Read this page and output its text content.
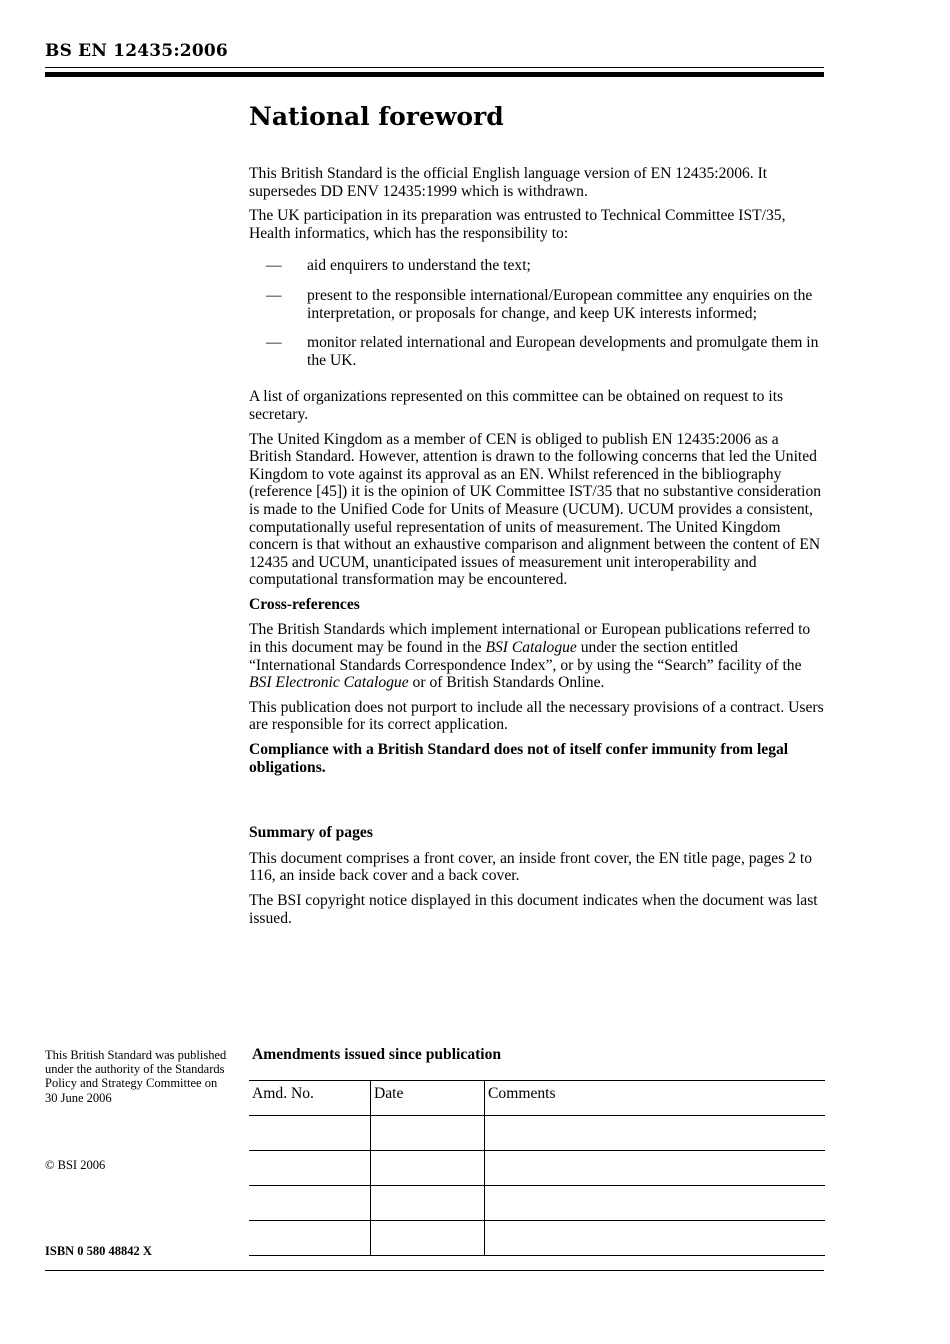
BS EN 12435:2006
National foreword

This British Standard is the official English language version of EN 12435:2006. It supersedes DD ENV 12435:1999 which is withdrawn.

The UK participation in its preparation was entrusted to Technical Committee IST/35, Health informatics, which has the responsibility to:

— aid enquirers to understand the text;
— present to the responsible international/European committee any enquiries on the interpretation, or proposals for change, and keep UK interests informed;
— monitor related international and European developments and promulgate them in the UK.

A list of organizations represented on this committee can be obtained on request to its secretary.

The United Kingdom as a member of CEN is obliged to publish EN 12435:2006 as a British Standard. However, attention is drawn to the following concerns that led the United Kingdom to vote against its approval as an EN. Whilst referenced in the bibliography (reference [45]) it is the opinion of UK Committee IST/35 that no substantive consideration is made to the Unified Code for Units of Measure (UCUM). UCUM provides a consistent, computationally useful representation of units of measurement. The United Kingdom concern is that without an exhaustive comparison and alignment between the content of EN 12435 and UCUM, unanticipated issues of measurement unit interoperability and computational transformation may be encountered.

Cross-references

The British Standards which implement international or European publications referred to in this document may be found in the BSI Catalogue under the section entitled “International Standards Correspondence Index”, or by using the “Search” facility of the BSI Electronic Catalogue or of British Standards Online.

This publication does not purport to include all the necessary provisions of a contract. Users are responsible for its correct application.

Compliance with a British Standard does not of itself confer immunity from legal obligations.

Summary of pages

This document comprises a front cover, an inside front cover, the EN title page, pages 2 to 116, an inside back cover and a back cover.

The BSI copyright notice displayed in this document indicates when the document was last issued.

This British Standard was published under the authority of the Standards Policy and Strategy Committee on 30 June 2006
© BSI 2006
ISBN 0 580 48842 X
Amendments issued since publication
Amd. No.	Date	Comments
